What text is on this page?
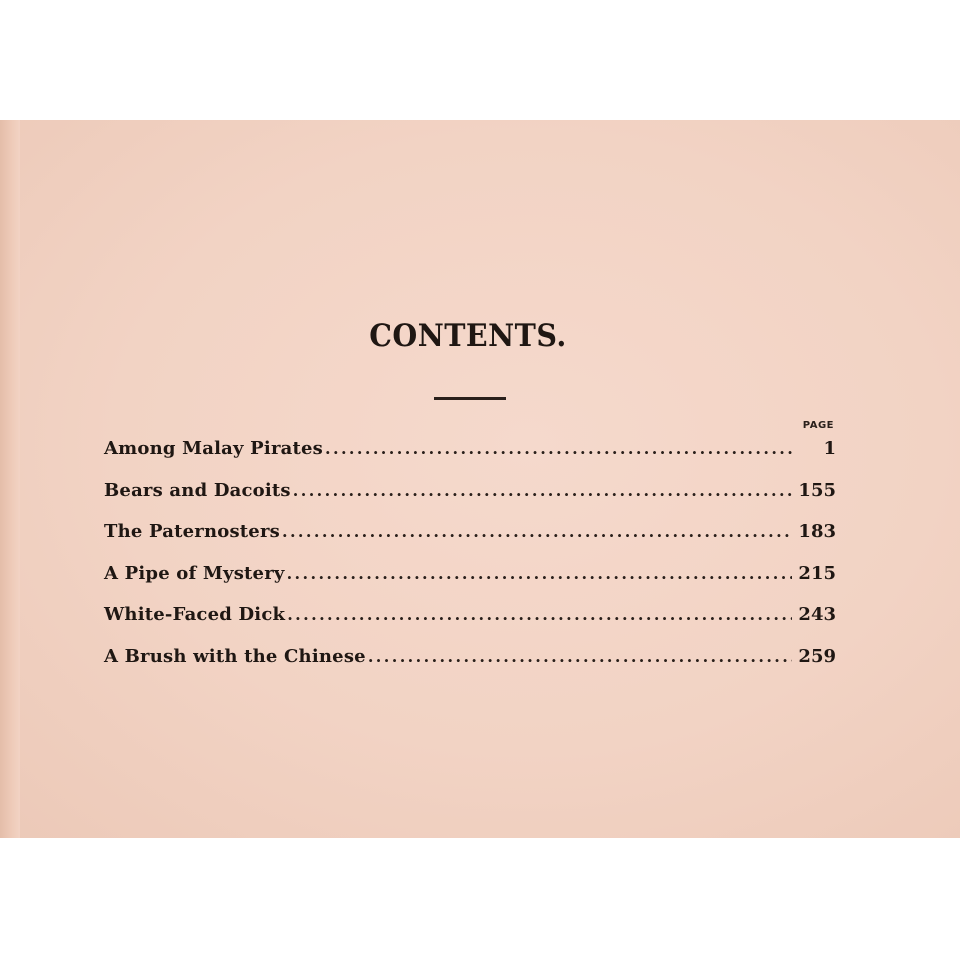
CONTENTS.
PAGE
Among Malay Pirates .....	1
Bears and Dacoits .....	155
The Paternosters .....	183
A Pipe of Mystery .....	215
White-Faced Dick .....	243
A Brush with the Chinese .....	259
